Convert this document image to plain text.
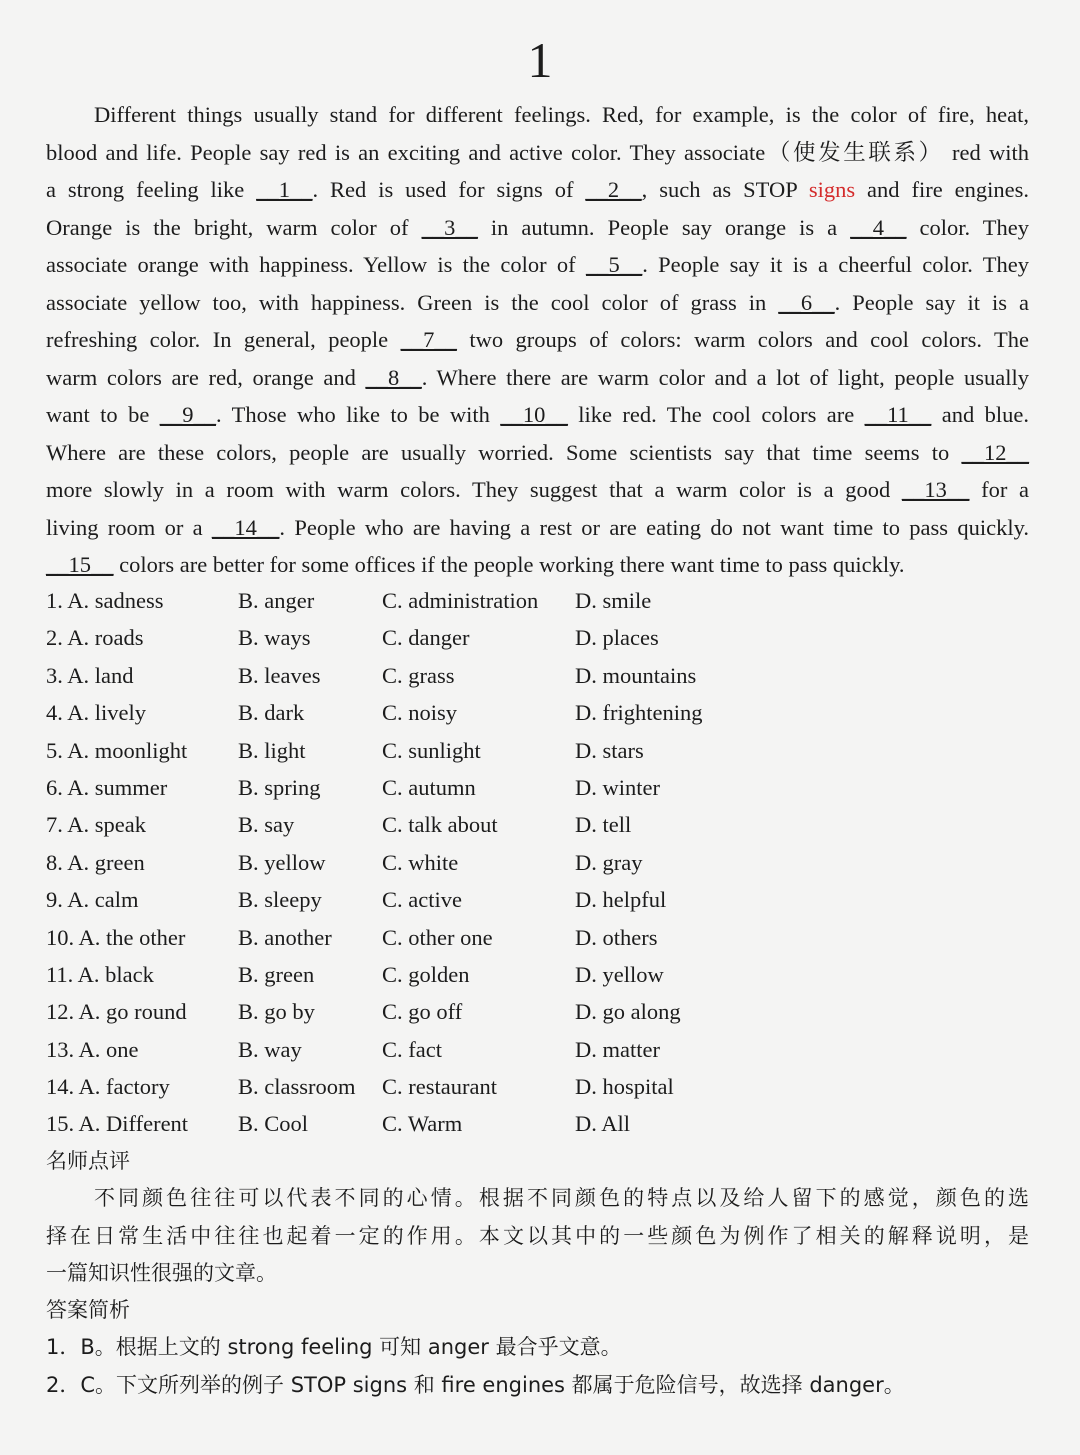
1
Different things usually stand for different feelings. Red, for example, is the color of fire, heat,
blood and life. People say red is an exciting and active color. They associate（使发生联系） red with
a strong feeling like __1__. Red is used for signs of __2__, such as STOP signs and fire engines.
Orange is the bright, warm color of __3__ in autumn. People say orange is a __4__ color. They
associate orange with happiness. Yellow is the color of __5__. People say it is a cheerful color. They
associate yellow too, with happiness. Green is the cool color of grass in __6__. People say it is a
refreshing color. In general, people __7__ two groups of colors: warm colors and cool colors. The
warm colors are red, orange and __8__. Where there are warm color and a lot of light, people usually
want to be __9__. Those who like to be with __10__ like red. The cool colors are __11__ and blue.
Where are these colors, people are usually worried. Some scientists say that time seems to __12__
more slowly in a room with warm colors. They suggest that a warm color is a good __13__ for a
living room or a __14__. People who are having a rest or are eating do not want time to pass quickly.
__15__ colors are better for some offices if the people working there want time to pass quickly.
1. A. sadness	B. anger	C. administration D. smile
2. A. roads	B. ways	C. danger	D. places
3. A. land	B. leaves	C. grass	D. mountains
4. A. lively	B. dark	C. noisy	D. frightening
5. A. moonlight B. light	C. sunlight	D. stars
6. A. summer	B. spring	C. autumn	D. winter
7. A. speak	B. say	C. talk about	D. tell
8. A. green	B. yellow	C. white	D. gray
9. A. calm	B. sleepy	C. active	D. helpful
10. A. the other B. another C. other one	D. others
11. A. black	B. green	C. golden	D. yellow
12. A. go round B. go by	C. go off	D. go along
13. A. one	B. way	C. fact	D. matter
14. A. factory	B. classroom C. restaurant	D. hospital
15. A. Different B. Cool	C. Warm	D. All
名师点评
不同颜色往往可以代表不同的心情。根据不同颜色的特点以及给人留下的感觉，颜色的选
择在日常生活中往往也起着一定的作用。本文以其中的一些颜色为例作了相关的解释说明，是
一篇知识性很强的文章。
答案简析
1．B。根据上文的 strong feeling 可知 anger 最合乎文意。
2．C。下文所列举的例子 STOP signs 和 fire engines 都属于危险信号，故选择 danger。
